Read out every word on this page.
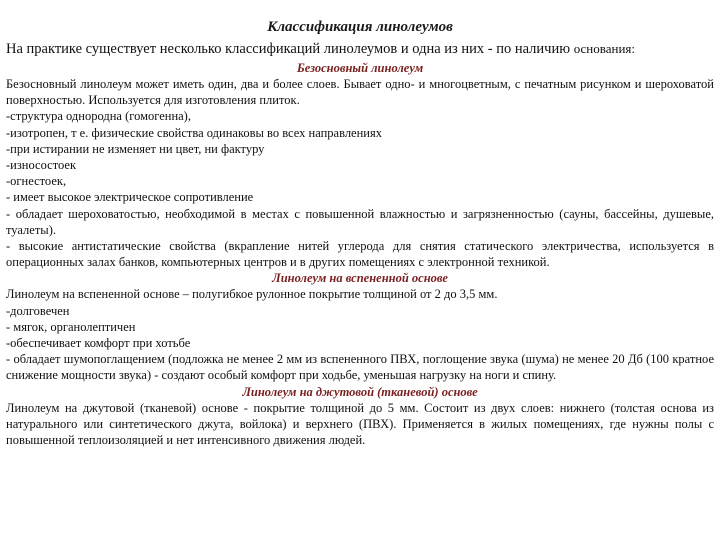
Классификация линолеумов
На практике существует несколько классификаций линолеумов и одна из них - по наличию основания:
Безосновный линолеум

Безосновный линолеум может иметь один, два и более слоев. Бывает одно- и многоцветным, с печатным рисунком и шероховатой поверхностью. Используется для изготовления плиток.

-структура однородна (гомогенна),

-изотропен, т е. физические свойства одинаковы во всех направлениях

-при истирании не изменяет ни цвет, ни фактуру

-износостоек

-огнестоек,

- имеет высокое электрическое сопротивление

- обладает шероховатостью, необходимой в местах с повышенной влажностью и загрязненностью (сауны, бассейны, душевые, туалеты).

- высокие антистатические свойства (вкрапление нитей углерода для снятия статического электричества, используется в операционных залах банков, компьютерных центров и в других помещениях с электронной техникой.

Линолеум на вспененной основе

Линолеум на вспененной основе – полугибкое рулонное покрытие толщиной от 2 до 3,5 мм.

-долговечен

- мягок, органолептичен

-обеспечивает комфорт при хотьбе

- обладает шумопоглащением (подложка не менее 2 мм из вспененного ПВХ, поглощение звука (шума) не менее 20 Дб (100 кратное снижение мощности звука) - создают особый комфорт при ходьбе, уменьшая нагрузку на ноги и спину.

Линолеум на джутовой (тканевой) основе

Линолеум на джутовой (тканевой) основе - покрытие толщиной до 5 мм. Состоит из двух слоев: нижнего (толстая основа из натурального или синтетического джута, войлока) и верхнего (ПВХ). Применяется в жилых помещениях, где нужны полы с повышенной теплоизоляцией и нет интенсивного движения людей.
